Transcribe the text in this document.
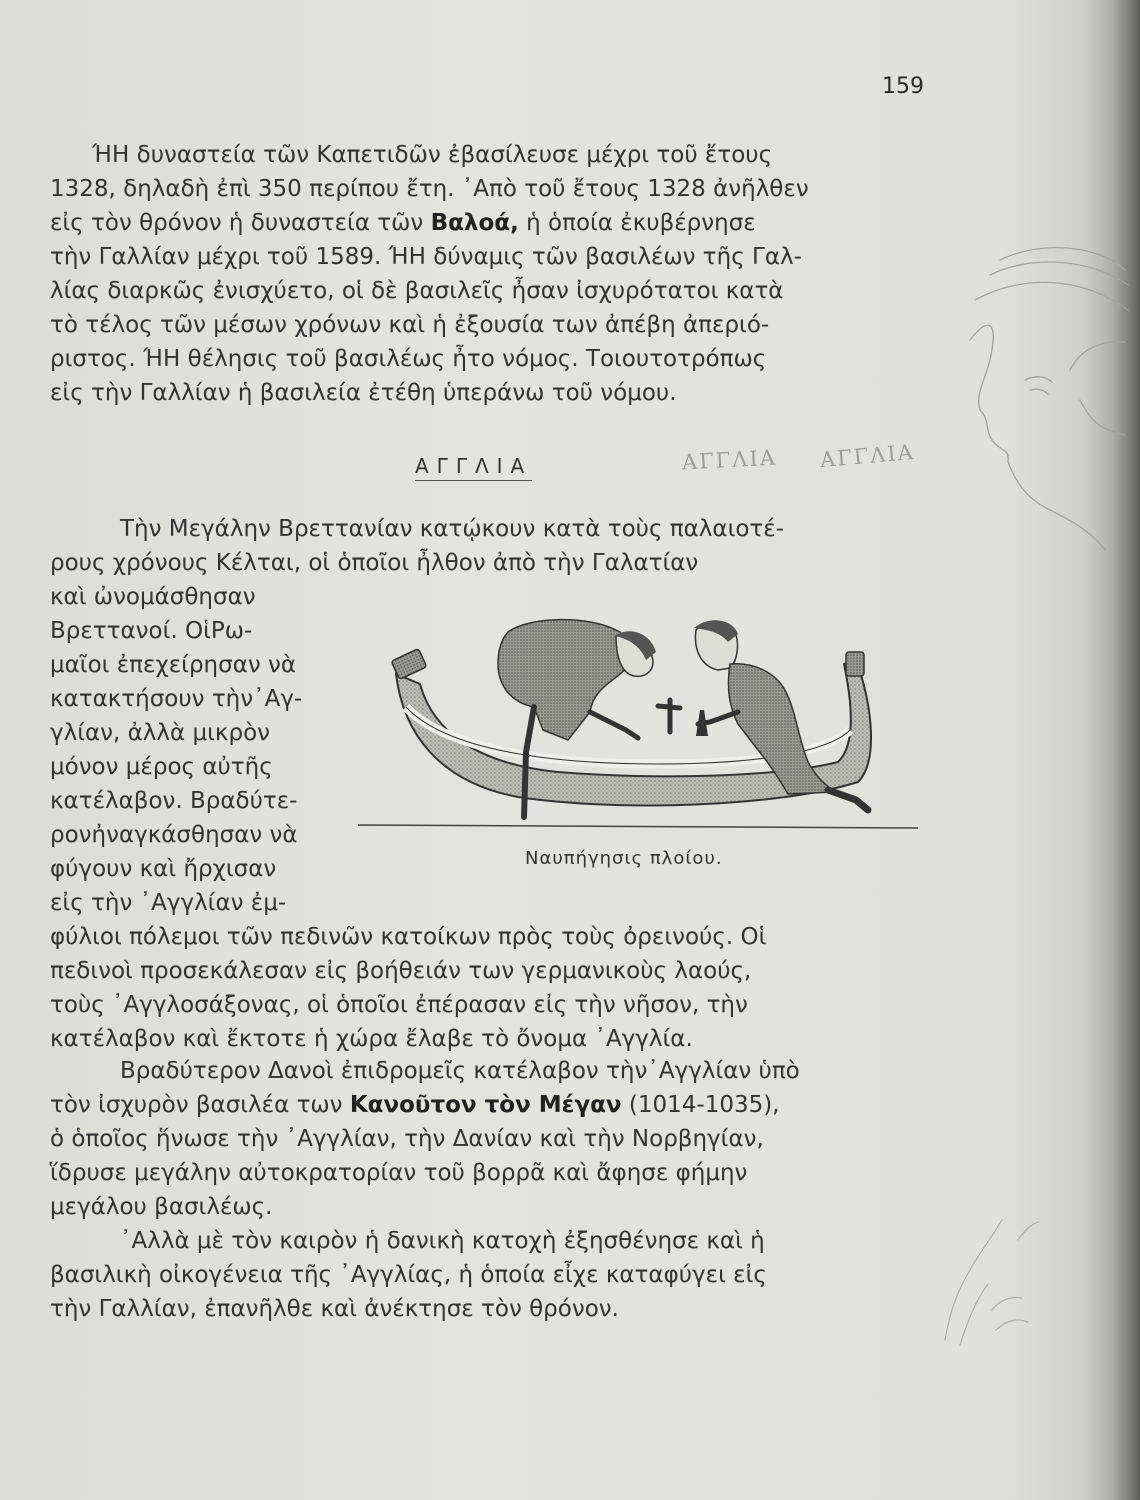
159
ΉΗ δυναστεία τῶν Καπετιδῶν ἐβασίλευσε μέχρι τοῦ ἔτους
1328, δηλαδὴ ἐπὶ 350 περίπου ἔτη. ᾿Απὸ τοῦ ἔτους 1328 ἀνῆλθεν
εἰς τὸν θρόνον ἡ δυναστεία τῶν Βαλοά, ἡ ὁποία ἐκυβέρνησε
τὴν Γαλλίαν μέχρι τοῦ 1589. ΉΗ δύναμις τῶν βασιλέων τῆς Γαλ-
λίας διαρκῶς ἐνισχύετο, οἱ δὲ βασιλεῖς ἦσαν ἰσχυρότατοι κατὰ
τὸ τέλος τῶν μέσων χρόνων καὶ ἡ ἐξουσία των ἀπέβη ἀπεριό-
ριστος. ΉΗ θέλησις τοῦ βασιλέως ἦτο νόμος. Τοιουτοτρόπως
εἰς τὴν Γαλλίαν ἡ βασιλεία ἐτέθη ὑπεράνω τοῦ νόμου.
ΑΓΓΛΙΑ	ΑΓΓΛΙΑ ΑΓΓΛΙΑ
Τὴν Μεγάλην Βρεττανίαν κατῴκουν κατὰ τοὺς παλαιοτέ-
ρους χρόνους Κέλται, οἱ ὁποῖοι ἦλθον ἀπὸ τὴν Γαλατίαν
καὶ ὠνομάσθησαν
Βρεττανοί. ΟἱΡω-
μαῖοι ἐπεχείρησαν νὰ
κατακτήσουν τὴν᾿Αγ-
γλίαν, ἀλλὰ μικρὸν
μόνον μέρος αὐτῆς
κατέλαβον. Βραδύτε-
ρονἠναγκάσθησαν νὰ
φύγουν καὶ ἤρχισαν
εἰς τὴν ᾿Αγγλίαν ἐμ-
φύλιοι πόλεμοι τῶν πεδινῶν κατοίκων πρὸς τοὺς ὀρεινούς. Οἱ
πεδινοὶ προσεκάλεσαν εἰς βοήθειάν των γερμανικοὺς λαούς,
τοὺς ᾿Αγγλοσάξονας, οἱ ὁποῖοι ἐπέρασαν εἰς τὴν νῆσον, τὴν
κατέλαβον καὶ ἔκτοτε ἡ χώρα ἔλαβε τὸ ὄνομα ᾿Αγγλία.
Ναυπήγησις πλοίου.
Βραδύτερον Δανοὶ ἐπιδρομεῖς κατέλαβον τὴν᾿Αγγλίαν ὑπὸ
τὸν ἰσχυρὸν βασιλέα των Κανοῦτον τὸν Μέγαν (1014-1035),
ὁ ὁποῖος ἥνωσε τὴν ᾿Αγγλίαν, τὴν Δανίαν καὶ τὴν Νορβηγίαν,
ἵδρυσε μεγάλην αὐτοκρατορίαν τοῦ βορρᾶ καὶ ἄφησε φήμην
μεγάλου βασιλέως.
᾿Αλλὰ μὲ τὸν καιρὸν ἡ δανικὴ κατοχὴ ἐξησθένησε καὶ ἡ
βασιλικὴ οἰκογένεια τῆς ᾿Αγγλίας, ἡ ὁποία εἶχε καταφύγει εἰς
τὴν Γαλλίαν, ἐπανῆλθε καὶ ἀνέκτησε τὸν θρόνον.
